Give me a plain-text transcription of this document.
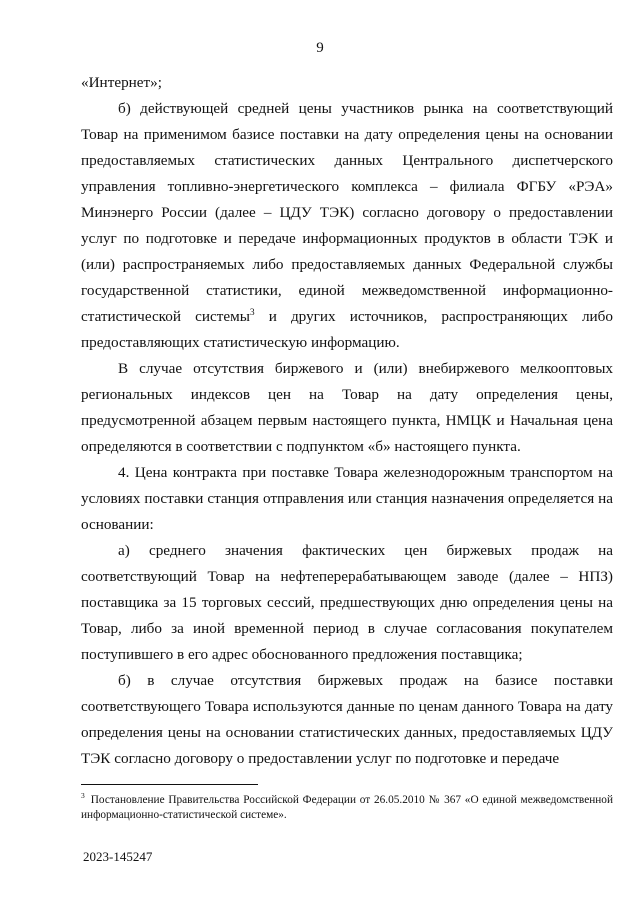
9

«Интернет»;

б) действующей средней цены участников рынка на соответствующий Товар на применимом базисе поставки на дату определения цены на основании предоставляемых статистических данных Центрального диспетчерского управления топливно-энергетического комплекса – филиала ФГБУ «РЭА» Минэнерго России (далее – ЦДУ ТЭК) согласно договору о предоставлении услуг по подготовке и передаче информационных продуктов в области ТЭК и (или) распространяемых либо предоставляемых данных Федеральной службы государственной статистики, единой межведомственной информационно-статистической системы$^3$ и других источников, распространяющих либо предоставляющих статистическую информацию.

В случае отсутствия биржевого и (или) внебиржевого мелкооптовых региональных индексов цен на Товар на дату определения цены, предусмотренной абзацем первым настоящего пункта, НМЦК и Начальная цена определяются в соответствии с подпунктом «б» настоящего пункта.

4. Цена контракта при поставке Товара железнодорожным транспортом на условиях поставки станция отправления или станция назначения определяется на основании:

а) среднего значения фактических цен биржевых продаж на соответствующий Товар на нефтеперерабатывающем заводе (далее – НПЗ) поставщика за 15 торговых сессий, предшествующих дню определения цены на Товар, либо за иной временной период в случае согласования покупателем поступившего в его адрес обоснованного предложения поставщика;

б) в случае отсутствия биржевых продаж на базисе поставки соответствующего Товара используются данные по ценам данного Товара на дату определения цены на основании статистических данных, предоставляемых ЦДУ ТЭК согласно договору о предоставлении услуг по подготовке и передаче

$^3$ Постановление Правительства Российской Федерации от 26.05.2010 № 367 «О единой межведомственной информационно-статистической системе».
2023-145247
